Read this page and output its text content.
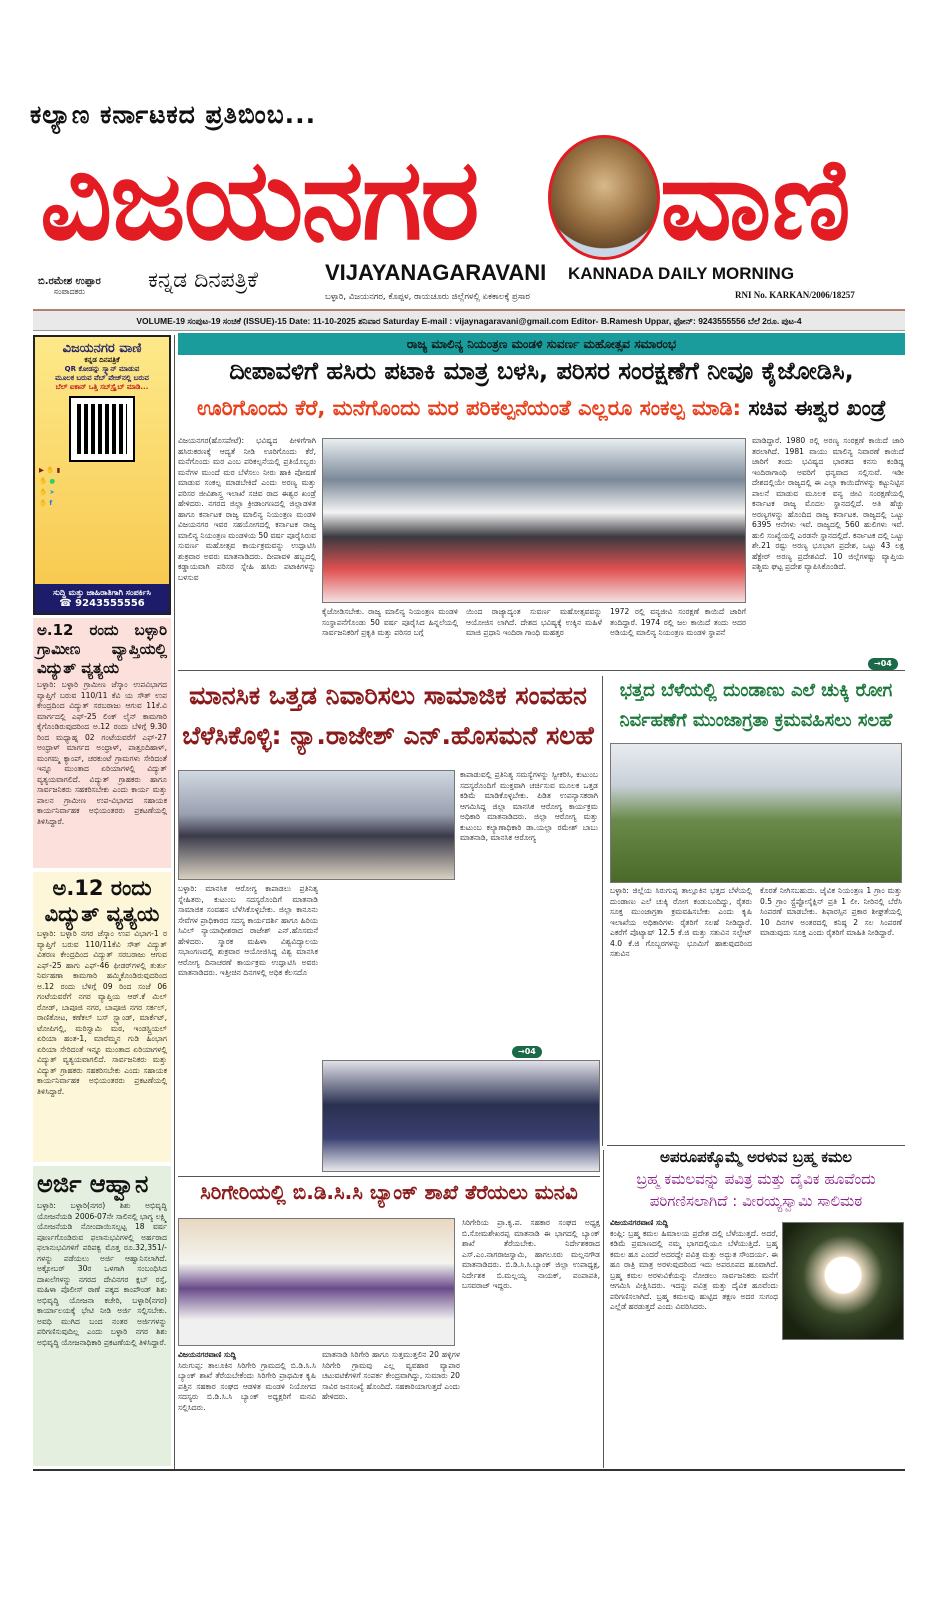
ಕಲ್ಯಾಣ ಕರ್ನಾಟಕದ ಪ್ರತಿಬಿಂಬ...
ವಿಜಯನಗರ ವಾಣಿ
ಬಿ.ರಮೇಶ ಉಪ್ಪಾರ
ಸಂಪಾದಕರು	ಕನ್ನಡ ದಿನಪತ್ರಿಕೆ	VIJAYANAGARAVANI KANNADA DAILY MORNING
ಬಳ್ಳಾರಿ, ವಿಜಯನಗರ, ಕೊಪ್ಪಳ, ರಾಯಚೂರು ಜಿಲ್ಲೆಗಳಲ್ಲಿ ಏಕಕಾಲಕ್ಕೆ ಪ್ರಸಾರ	RNI No. KARKAN/2006/18257
VOLUME-19 ಸಂಪುಟ-19 ಸಂಚಿಕೆ (ISSUE)-15 Date: 11-10-2025 ಶನಿವಾರ Saturday E-mail : vijaynagaravani@gmail.com Editor- B.Ramesh Uppar, ಫೋನ್: 9243555556 ಬೆಲೆ 2ರೂ. ಪುಟ-4
ವಿಜಯನಗರ ವಾಣಿ
ಕನ್ನಡ ದಿನಪತ್ರಿಕೆ
QR ಕೋಡನ್ನು ಸ್ಕ್ಯಾನ್ ಮಾಡುವ
ಮೂಲಕ ಬರುವ ವೆಬ್ ಪೇಜ್‌ನಲ್ಲಿ ಬರುವ
ಬೆಲ್ ಐಕಾನ್ ಒತ್ತಿ ಸಬ್‌ಸ್ಕ್ರೈಬ್ ಮಾಡಿ...
▶ ✋ ▮
✋ ●
✋ ➤
✋ f
ಸುದ್ದಿ ಮತ್ತು ಜಾಹಿರಾತಿಗಾಗಿ ಸಂಪರ್ಕಿಸಿ
☎ 9243555556
ಅ.12 ರಂದು ಬಳ್ಳಾರಿ ಗ್ರಾಮೀಣ ವ್ಯಾಪ್ತಿಯಲ್ಲಿ ವಿದ್ಯುತ್ ವ್ಯತ್ಯಯ

ಬಳ್ಳಾರಿ: ಬಳ್ಳಾರಿ ಗ್ರಾಮೀಣ ಜೆಸ್ಕಾಂ ಉಪವಿಭಾಗದ ವ್ಯಾಪ್ತಿಗೆ ಬರುವ 110/11 ಕೆವಿ ಯ ಸೌತ್ ಉಪ ಕೇಂದ್ರದಿಂದ ವಿದ್ಯುತ್ ಸರಬರಾಜು ಆಗುವ 11ಕೆ.ವಿ ಮಾರ್ಗದಲ್ಲಿ ಎಫ್-25 ಲಿಂಕ್ ಲೈನ್ ಕಾಮಗಾರಿ ಕೈಗೊಂಡಿರುವುದರಿಂದ ಅ.12 ರಂದು ಬೆಳಿಗ್ಗೆ 9.30 ರಿಂದ ಮಧ್ಯಾಹ್ನ 02 ಗಂಟೆಯವರೆಗೆ ಎಫ್-27 ಅಂಧ್ರಾಳ್ ಮಾರ್ಗದ ಅಂಧ್ರಾಳ್, ಪಾತ್ರೂದಿಹಾಳ್, ಮಂಗಮ್ಮ ಕ್ಯಾಂಪ್, ಚರಕುಂಟೆ ಗ್ರಾಮಗಳು ಸೇರಿದಂತೆ ಇನ್ನೂ ಮುಂತಾದ ಏರಿಯಾಗಳಲ್ಲಿ ವಿದ್ಯುತ್ ವ್ಯತ್ಯಯವಾಗಲಿದೆ. ವಿದ್ಯುತ್ ಗ್ರಾಹಕರು ಹಾಗೂ ಸಾರ್ವಜನಿಕರು ಸಹಕರಿಸಬೇಕು ಎಂದು ಕಾರ್ಯ ಮತ್ತು ಪಾಲನ ಗ್ರಾಮೀಣ ಉಪ-ವಿಭಾಗದ ಸಹಾಯಕ ಕಾರ್ಯನಿರ್ವಾಹಕ ಅಭಿಯಂತರರು ಪ್ರಕಟಣೆಯಲ್ಲಿ ತಿಳಿಸಿದ್ದಾರೆ.

ಅ.12 ರಂದು ವಿದ್ಯುತ್ ವ್ಯತ್ಯಯ

ಬಳ್ಳಾರಿ: ಬಳ್ಳಾರಿ ನಗರ ಜೆಸ್ಕಾಂ ಉಪ ವಿಭಾಗ-1 ರ ವ್ಯಾಪ್ತಿಗೆ ಬರುವ 110/11ಕೆವಿ ಸೌತ್ ವಿದ್ಯುತ್ ವಿತರಣ ಕೇಂದ್ರದಿಂದ ವಿದ್ಯುತ್ ಸರಬರಾಜು ಆಗುವ ಎಫ್-25 ಹಾಗು ಎಫ್-46 ಫೀಡರ್‌ಗಳಲ್ಲಿ ತುರ್ತು ನಿರ್ವಹಣಾ ಕಾಮಗಾರಿ ಹಮ್ಮಿಕೊಂಡಿರುವುದರಿಂದ ಅ.12 ರಂದು ಬೆಳಿಗ್ಗೆ 09 ರಿಂದ ಸಂಜೆ 06 ಗಂಟೆಯವರೆಗೆ ನಗರ ವ್ಯಾಪ್ತಿಯ ಆರ್.ಕೆ ಮಿಲ್ ರೋಡ್, ಬಾಪೂಜಿ ನಗರ, ಬಾಪೂಜಿ ನಗರ ಸರ್ಕಲ್, ರಾಣಿತೋಟ, ಕಣೆಕಲ್ ಬಸ್ ಸ್ಟ್ಯಾಂಡ್, ಮಾರ್ಕೆಟ್, ಟೋಪಿಗಲ್ಲಿ, ಮರಿಸ್ವಾಮಿ ಮಠ, ಇಂಡಸ್ಟ್ರಿಯಲ್ ಏರಿಯಾ ಹಂತ-1, ಮಾರೆಮ್ಮನ ಗುಡಿ ಹಿಂಭಾಗ ಏರಿಯಾ ಸೇರಿದಂತೆ ಇನ್ನೂ ಮುಂತಾದ ಏರಿಯಾಗಳಲ್ಲಿ ವಿದ್ಯುತ್ ವ್ಯತ್ಯಯವಾಗಲಿದೆ. ಸಾರ್ವಜನಿಕರು ಮತ್ತು ವಿದ್ಯುತ್ ಗ್ರಾಹಕರು ಸಹಕರಿಸಬೇಕು ಎಂದು ಸಹಾಯಕ ಕಾರ್ಯನಿರ್ವಾಹಕ ಅಭಿಯಂತರರು ಪ್ರಕಟಣೆಯಲ್ಲಿ ತಿಳಿಸಿದ್ದಾರೆ.

ಅರ್ಜಿ ಆಹ್ವಾನ

ಬಳ್ಳಾರಿ: ಬಳ್ಳಾರಿ(ನಗರ) ಶಿಶು ಅಭಿವೃದ್ಧಿ ಯೋಜನೆಯಡಿ 2006-07ನೇ ಸಾಲಿನಲ್ಲಿ ಭಾಗ್ಯ ಲಕ್ಷ್ಮಿ ಯೋಜನೆಯಡಿ ನೋಂದಾಯಿಸಲ್ಪಟ್ಟ 18 ವರ್ಷ ಪೂರ್ಣಗೊಂಡಿರುವ ಫಲಾನುಭವಿಗಳಲ್ಲಿ ಅರ್ಹರಾದ ಫಲಾನುಭವಿಗಳಿಗೆ ಪರಿಪಕ್ವ ಮೊತ್ತ ರೂ.32,351/-ಗಳನ್ನು ಪಡೆಯಲು ಅರ್ಜಿ ಆಹ್ವಾನಿಸಲಾಗಿದೆ. ಅಕ್ಟೋಬರ್ 30ರ ಒಳಗಾಗಿ ಸಂಬಂಧಿಸಿದ ದಾಖಲೆಗಳನ್ನು ನಗರದ ದೇವಿನಗರ ಕ್ಲಬ್ ರಸ್ತೆ, ಮಹಿಳಾ ಪೊಲೀಸ್ ಠಾಣೆ ಪಕ್ಕದ ಕಾಂಪೌಂಡ್ ಶಿಶು ಅಭಿವೃದ್ಧಿ ಯೋಜನಾ ಕಚೇರಿ, ಬಳ್ಳಾರಿ(ನಗರ) ಕಾರ್ಯಾಲಯಕ್ಕೆ ಭೇಟಿ ನೀಡಿ ಅರ್ಜಿ ಸಲ್ಲಿಸಬೇಕು. ಅವಧಿ ಮುಗಿದ ಬಂದ ನಂತರ ಅರ್ಜಿಗಳನ್ನು ಪರಿಗಣಿಸುವುದಿಲ್ಲ ಎಂದು ಬಳ್ಳಾರಿ ನಗರ ಶಿಶು ಅಭಿವೃದ್ಧಿ ಯೋಜನಾಧಿಕಾರಿ ಪ್ರಕಟಣೆಯಲ್ಲಿ ತಿಳಿಸಿದ್ದಾರೆ.

ರಾಜ್ಯ ಮಾಲಿನ್ಯ ನಿಯಂತ್ರಣ ಮಂಡಳಿ ಸುವರ್ಣ ಮಹೋತ್ಸವ ಸಮಾರಂಭ
ದೀಪಾವಳಿಗೆ ಹಸಿರು ಪಟಾಕಿ ಮಾತ್ರ ಬಳಸಿ, ಪರಿಸರ ಸಂರಕ್ಷಣೆಗೆ ನೀವೂ ಕೈಜೋಡಿಸಿ,
ಊರಿಗೊಂದು ಕೆರೆ, ಮನೆಗೊಂದು ಮರ ಪರಿಕಲ್ಪನೆಯಂತೆ ಎಲ್ಲರೂ ಸಂಕಲ್ಪ ಮಾಡಿ: ಸಚಿವ ಈಶ್ವರ ಖಂಡ್ರೆ
ವಿಜಯನಗರ(ಹೊಸಪೇಟೆ): ಭವಿಷ್ಯದ ಪೀಳಿಗೆಗಾಗಿ ಹಸಿರುಕರಣಕ್ಕೆ ಆದ್ಯತೆ ನೀಡಿ ಊರಿಗೊಂದು ಕೆರೆ, ಮನೆಗೊಂದು ಮರ ಎಂಬ ಪರಿಕಲ್ಪನೆಯಲ್ಲಿ ಪ್ರತಿಯೊಬ್ಬರು ಮನೆಗಳ ಮುಂದೆ ಮರ ಬೆಳೆಸಲು ನೀರು ಹಾಕಿ ಪೋಷಣೆ ಮಾಡುವ ಸಂಕಲ್ಪ ಮಾಡಬೇಕಿದೆ ಎಂದು ಅರಣ್ಯ ಮತ್ತು ಪರಿಸರ ಜೀವಿಶಾಸ್ತ್ರ ಇಲಾಖೆ ಸಚಿವ ರಾದ ಈಶ್ವರ ಖಂಡ್ರೆ ಹೇಳಿದರು. ನಗರದ ಜಿಲ್ಲಾ ಕ್ರೀಡಾಂಗಣದಲ್ಲಿ ಜಿಲ್ಲಾಡಳಿತ ಹಾಗೂ ಕರ್ನಾಟಕ ರಾಜ್ಯ ಮಾಲಿನ್ಯ ನಿಯಂತ್ರಣ ಮಂಡಳಿ ವಿಜಯನಗರ ಇವರ ಸಹಯೋಗದಲ್ಲಿ ಕರ್ನಾಟಕ ರಾಜ್ಯ ಮಾಲಿನ್ಯ ನಿಯಂತ್ರಣ ಮಂಡಳಿಯ 50 ವರ್ಷ ಪೂರೈಸಿರುವ ಸುವರ್ಣ ಮಹೋತ್ಸವ ಕಾರ್ಯಕ್ರಮವನ್ನು ಉದ್ಘಾಟಿಸಿ ಶುಕ್ರವಾರ ಅವರು ಮಾತನಾಡಿದರು. ದೀಪಾವಳಿ ಹಬ್ಬದಲ್ಲಿ ಕಡ್ಡಾಯವಾಗಿ ಪರಿಸರ ಸ್ನೇಹಿ ಹಸಿರು ಪಟಾಕಿಗಳನ್ನು ಬಳಸುವ
ಕೈಜೋಡಿಸಬೇಕು. ರಾಜ್ಯ ಮಾಲಿನ್ಯ ನಿಯಂತ್ರಣ ಮಂಡಳಿ ಸಂಸ್ಥಾಪನೆಗೊಂಡು 50 ವರ್ಷ ಪೂರೈಸಿದ ಹಿನ್ನಲೆಯಲ್ಲಿ ಸಾರ್ವಜನಿಕರಿಗೆ ಪ್ರಕೃತಿ ಮತ್ತು ಪರಿಸರ ಬಗ್ಗೆ
ಯಿಂದ ರಾಜ್ಯಾದ್ಯಂತ ಸುವರ್ಣ ಮಹೋತ್ಸವವನ್ನು ಆಯೋಜಿಸ ಲಾಗಿದೆ. ದೇಶದ ಭವಿಷ್ಯಕ್ಕೆ ಉಕ್ಕಿನ ಮಹಿಳೆ ಮಾಜಿ ಪ್ರಧಾನಿ ಇಂದಿರಾ ಗಾಂಧಿ ಮಹತ್ತರ
1972 ರಲ್ಲಿ ವನ್ಯಜೀವಿ ಸಂರಕ್ಷಣೆ ಕಾಯಿದೆ ಜಾರಿಗೆ ತಂದಿದ್ದಾರೆ. 1974 ರಲ್ಲಿ ಜಲ ಕಾಯಿದೆ ತಂದು ಅದರ ಅಡಿಯಲ್ಲಿ ಮಾಲಿನ್ಯ ನಿಯಂತ್ರಣ ಮಂಡಳಿ ಸ್ಥಾಪನೆ
ಮಾಡಿದ್ದಾರೆ. 1980 ರಲ್ಲಿ ಅರಣ್ಯ ಸಂರಕ್ಷಣೆ ಕಾಯಿದೆ ಜಾರಿ ತರಲಾಗಿದೆ. 1981 ವಾಯು ಮಾಲಿನ್ಯ ನಿವಾರಣೆ ಕಾಯಿದೆ ಜಾರಿಗೆ ತಂದು ಭವಿಷ್ಯದ ಭಾರತದ ಕನಸು ಕಂಡಿದ್ದ ಇಂದಿರಾಗಾಂಧಿ ಅವರಿಗೆ ಧನ್ಯವಾದ ಸಲ್ಲಿಸುವೆ. ಇಡೀ ದೇಶದಲ್ಲಿಯೇ ರಾಜ್ಯದಲ್ಲಿ ಈ ಎಲ್ಲಾ ಕಾಯಿದೆಗಳನ್ನು ಕಟ್ಟುನಿಟ್ಟಿನ ಪಾಲನೆ ಮಾಡುವ ಮೂಲಕ ವನ್ಯ ಜೀವಿ ಸಂರಕ್ಷಣೆಯಲ್ಲಿ ಕರ್ನಾಟಕ ರಾಜ್ಯ ಮೊದಲ ಸ್ಥಾನದಲ್ಲಿದೆ. ಅತಿ ಹೆಚ್ಚು ಅರಣ್ಯಗಳನ್ನು ಹೊಂದಿದ ರಾಜ್ಯ ಕರ್ನಾಟಕ. ರಾಜ್ಯದಲ್ಲಿ ಒಟ್ಟು 6395 ಆನೆಗಳು ಇವೆ. ರಾಜ್ಯದಲ್ಲಿ 560 ಹುಲಿಗಳು ಇವೆ. ಹುಲಿ ಸಂಖ್ಯೆಯಲ್ಲಿ ಎರಡನೇ ಸ್ಥಾನದಲ್ಲಿದೆ. ಕರ್ನಾಟಕ ದಲ್ಲಿ ಒಟ್ಟು ಶೇ.21 ರಷ್ಟು ಅರಣ್ಯ ಭೂಭಾಗ ಪ್ರದೇಶ, ಒಟ್ಟು 43 ಲಕ್ಷ ಹೆಕ್ಟೇರ್ ಅರಣ್ಯ ಪ್ರದೇಶವಿದೆ. 10 ಜಿಲ್ಲೆಗಳಷ್ಟು ವ್ಯಾಪ್ತಿಯ ಪಶ್ಚಿಮ ಘಟ್ಟ ಪ್ರದೇಶ ವ್ಯಾಪಿಸಿಕೊಂಡಿದೆ.
→04
ಮಾನಸಿಕ ಒತ್ತಡ ನಿವಾರಿಸಲು ಸಾಮಾಜಿಕ ಸಂವಹನ ಬೆಳೆಸಿಕೊಳ್ಳಿ: ನ್ಯಾ.ರಾಜೇಶ್ ಎನ್.ಹೊಸಮನೆ ಸಲಹೆ
ಬಳ್ಳಾರಿ: ಮಾನಸಿಕ ಆರೋಗ್ಯ ಕಾಪಾಡಲು ಪ್ರತಿನಿತ್ಯ ಸ್ನೇಹಿತರು, ಕುಟುಂಬ ಸದಸ್ಯರೊಂದಿಗೆ ಮಾತನಾಡಿ ಸಾಮಾಜಿಕ ಸಂವಹನ ಬೆಳೆಸಿಕೊಳ್ಳಬೇಕು. ಜಿಲ್ಲಾ ಕಾನೂನು ಸೇವೆಗಳ ಪ್ರಾಧಿಕಾರದ ಸದಸ್ಯ ಕಾರ್ಯದರ್ಶಿ ಹಾಗೂ ಹಿರಿಯ ಸಿವಿಲ್ ನ್ಯಾಯಾಧೀಶರಾದ ರಾಜೇಶ್ ಎನ್.ಹೊಸಮನೆ ಹೇಳಿದರು. ಸ್ಮಾರಕ ಮಹಿಳಾ ವಿಶ್ವವಿದ್ಯಾಲಯ ಸಭಾಂಗಣದಲ್ಲಿ ಶುಕ್ರವಾರ ಆಯೋಜಿಸಿದ್ದ ವಿಶ್ವ ಮಾನಸಿಕ ಆರೋಗ್ಯ ದಿನಾಚರಣೆ ಕಾರ್ಯಕ್ರಮ ಉದ್ಘಾಟಿಸಿ ಅವರು ಮಾತನಾಡಿದರು. ಇತ್ತೀಚಿನ ದಿನಗಳಲ್ಲಿ ಅಧಿಕ ಕೆಲಸದೊ
ಕಾಪಾಡುವಲ್ಲಿ ಪ್ರತಿನಿತ್ಯ ಸಮಸ್ಯೆಗಳನ್ನು ಸ್ವೀಕರಿಸಿ, ಕುಟುಂಬ ಸದಸ್ಯರೊಂದಿಗೆ ಮುಕ್ತವಾಗಿ ಚರ್ಚಿಸುವ ಮೂಲಕ ಒತ್ತಡ ಕಡಿಮೆ ಮಾಡಿಕೊಳ್ಳಬೇಕು. ಪಿಡಿತ ಉಪನ್ಯಾಸಕರಾಗಿ ಆಗಮಿಸಿದ್ದ ಜಿಲ್ಲಾ ಮಾನಸಿಕ ಆರೋಗ್ಯ ಕಾರ್ಯಕ್ರಮ ಅಧಿಕಾರಿ ಮಾತನಾಡಿದರು. ಜಿಲ್ಲಾ ಆರೋಗ್ಯ ಮತ್ತು ಕುಟುಂಬ ಕಲ್ಯಾಣಾಧಿಕಾರಿ ಡಾ.ಯಲ್ಲಾ ರಮೇಶ್ ಬಾಬು ಮಾತನಾಡಿ, ಮಾನಸಿಕ ಆರೋಗ್ಯ
→04
ಭತ್ತದ ಬೆಳೆಯಲ್ಲಿ ದುಂಡಾಣು ಎಲೆ ಚುಕ್ಕಿ ರೋಗ ನಿರ್ವಹಣೆಗೆ ಮುಂಜಾಗ್ರತಾ ಕ್ರಮವಹಿಸಲು ಸಲಹೆ
ಬಳ್ಳಾರಿ: ಜಿಲ್ಲೆಯ ಸಿರುಗುಪ್ಪ ತಾಲ್ಲೂಕಿನ ಭತ್ತದ ಬೆಳೆಯಲ್ಲಿ ದುಂಡಾಣು ಎಲೆ ಚುಕ್ಕಿ ರೋಗ ಕಂಡುಬಂದಿದ್ದು, ರೈತರು ಸೂಕ್ತ ಮುಂಜಾಗ್ರತಾ ಕ್ರಮವಹಿಸಬೇಕು ಎಂದು ಕೃಷಿ ಇಲಾಖೆಯ ಅಧಿಕಾರಿಗಳು ರೈತರಿಗೆ ಸಲಹೆ ನೀಡಿದ್ದಾರೆ. ಎಕರೆಗೆ ಪೊಟ್ಯಾಷ್ 12.5 ಕೆ.ಜಿ ಮತ್ತು ಸತುವಿನ ಸಲ್ಫೇಟ್ 4.0 ಕೆ.ಜಿ ಗೊಬ್ಬರಗಳನ್ನು ಭೂಮಿಗೆ ಹಾಕುವುದರಿಂದ ಸತುವಿನ
ಕೊರತೆ ನೀಗಿಸಬಹುದು. ಜೈವಿಕ ನಿಯಂತ್ರಣ 1 ಗ್ರಾಂ ಮತ್ತು 0.5 ಗ್ರಾಂ ಸ್ಟ್ರೆಪ್ಟೋಸೈಕ್ಲಿನ್ ಪ್ರತಿ 1 ಲೀ. ನೀರಿನಲ್ಲಿ ಬೆರೆಸಿ ಸಿಂಪರಣೆ ಮಾಡಬೇಕು. ಶಿಫಾರಸ್ಸಿನ ಪ್ರಕಾರ ಶೀಘ್ರತೆಯಲ್ಲಿ 10 ದಿನಗಳ ಅಂತರದಲ್ಲಿ ಕನಿಷ್ಠ 2 ಸಲ ಸಿಂಪರಣೆ ಮಾಡುವುದು ಸೂಕ್ತ ಎಂದು ರೈತರಿಗೆ ಮಾಹಿತಿ ನೀಡಿದ್ದಾರೆ.
ಅಪರೂಪಕ್ಕೊಮ್ಮೆ ಅರಳುವ ಬ್ರಹ್ಮ ಕಮಲ
ಬ್ರಹ್ಮ ಕಮಲವನ್ನು ಪವಿತ್ರ ಮತ್ತು ದೈವಿಕ ಹೂವೆಂದು ಪರಿಗಣಿಸಲಾಗಿದೆ : ವೀರಯ್ಯಸ್ವಾಮಿ ಸಾಲಿಮಠ
ವಿಜಯನಗರವಾಣಿ ಸುದ್ದಿ
ಕಂಪ್ಲಿ: ಬ್ರಹ್ಮ ಕಮಲ ಹಿಮಾಲಯ ಪ್ರದೇಶ ದಲ್ಲಿ ಬೆಳೆಯುತ್ತದೆ. ಅದರೆ, ಕಡಿಮೆ ಪ್ರಮಾಣದಲ್ಲಿ ನಮ್ಮ ಭಾಗದಲ್ಲಿಯೂ ಬೆಳೆಯುತ್ತಿದೆ. ಬ್ರಹ್ಮ ಕಮಲ ಹೂ ಎಂದರೆ ಅದರದ್ದೇ ಪವಿತ್ರ ಮತ್ತು ಅದ್ಭುತ ಸೌಂದರ್ಯ. ಈ ಹೂ ರಾತ್ರಿ ಮಾತ್ರ ಅರಳುವುದರಿಂದ ಇದು ಅಪರೂಪದ ಹೂವಾಗಿದೆ. ಬ್ರಹ್ಮ ಕಮಲ ಅರಳುವಿಕೆಯನ್ನು ನೋಡಲು ಸಾರ್ವಜನಿಕರು ಮನೆಗೆ ಆಗಮಿಸಿ ವೀಕ್ಷಿಸಿದರು. ಇದನ್ನು ಪವಿತ್ರ ಮತ್ತು ದೈವಿಕ ಹೂವೆಂದು ಪರಿಗಣಿಸಲಾಗಿದೆ. ಬ್ರಹ್ಮ ಕಮಲವು ಹುಟ್ಟಿದ ತಕ್ಷಣ ಅದರ ಸುಗಂಧ ಎಲ್ಲೆಡೆ ಹರಡುತ್ತದೆ ಎಂದು ವಿವರಿಸಿದರು.
ಸಿರಿಗೇರಿಯಲ್ಲಿ ಬಿ.ಡಿ.ಸಿ.ಸಿ ಬ್ಯಾಂಕ್ ಶಾಖೆ ತೆರೆಯಲು ಮನವಿ
ವಿಜಯನಗರವಾಣಿ ಸುದ್ದಿ
ಸಿರುಗುಪ್ಪ: ತಾಲೂಕಿನ ಸಿರಿಗೇರಿ ಗ್ರಾಮದಲ್ಲಿ ಬಿ.ಡಿ.ಸಿ.ಸಿ ಬ್ಯಾಂಕ್ ಶಾಖೆ ತೆರೆಯಬೇಕೆಂದು ಸಿರಿಗೇರಿ ಪ್ರಾಥಮಿಕ ಕೃಷಿ ಪತ್ತಿನ ಸಹಕಾರ ಸಂಘದ ಆಡಳಿತ ಮಂಡಳಿ ನಿಯೋಗದ ಸದಸ್ಯರು ಬಿ.ಡಿ.ಸಿ.ಸಿ ಬ್ಯಾಂಕ್ ಅಧ್ಯಕ್ಷರಿಗೆ ಮನವಿ ಸಲ್ಲಿಸಿದರು.
ಮಾತನಾಡಿ ಸಿರಿಗೇರಿ ಹಾಗೂ ಸುತ್ತಮುತ್ತಲಿನ 20 ಹಳ್ಳಿಗಳ ಸಿರಿಗೇರಿ ಗ್ರಾಮವು ಎಲ್ಲ ವ್ಯವಹಾರ ವ್ಯಾಪಾರ ಚಟುವಟಿಕೆಗಳಿಗೆ ಸಂಪರ್ಕ ಕೇಂದ್ರವಾಗಿದ್ದು, ಸುಮಾರು 20 ಸಾವಿರ ಜನಸಂಖ್ಯೆ ಹೊಂದಿದೆ. ಸಹಕಾರಿಯಾಗುತ್ತದೆ ಎಂದು ಹೇಳಿದರು.
ಸಿರಿಗೇರಿಯ ಪ್ರಾ.ಕೃ.ಪ. ಸಹಕಾರ ಸಂಘದ ಅಧ್ಯಕ್ಷ ಬಿ.ಸೋಮಶೇಖರಪ್ಪ ಮಾತನಾಡಿ ಈ ಭಾಗದಲ್ಲಿ ಬ್ಯಾಂಕ್ ಶಾಖೆ ತೆರೆಯಬೇಕು. ನಿರ್ದೇಶಕರಾದ ಎಸ್.ಎಂ.ನಾಗರಾಜಸ್ವಾಮಿ, ಹಾಗಲೂರು ಮಲ್ಲನಗೌಡ ಮಾತನಾಡಿದರು. ಬಿ.ಡಿ.ಸಿ.ಸಿ.ಬ್ಯಾಂಕ್ ಜಿಲ್ಲಾ ಉಪಾಧ್ಯಕ್ಷ, ನಿರ್ದೇಶಕ ಬಿ.ಮಲ್ಲಯ್ಯ ನಾಯಕ್, ಪಂಪಾಪತಿ, ಬಸವರಾಜ್ ಇದ್ದರು.
